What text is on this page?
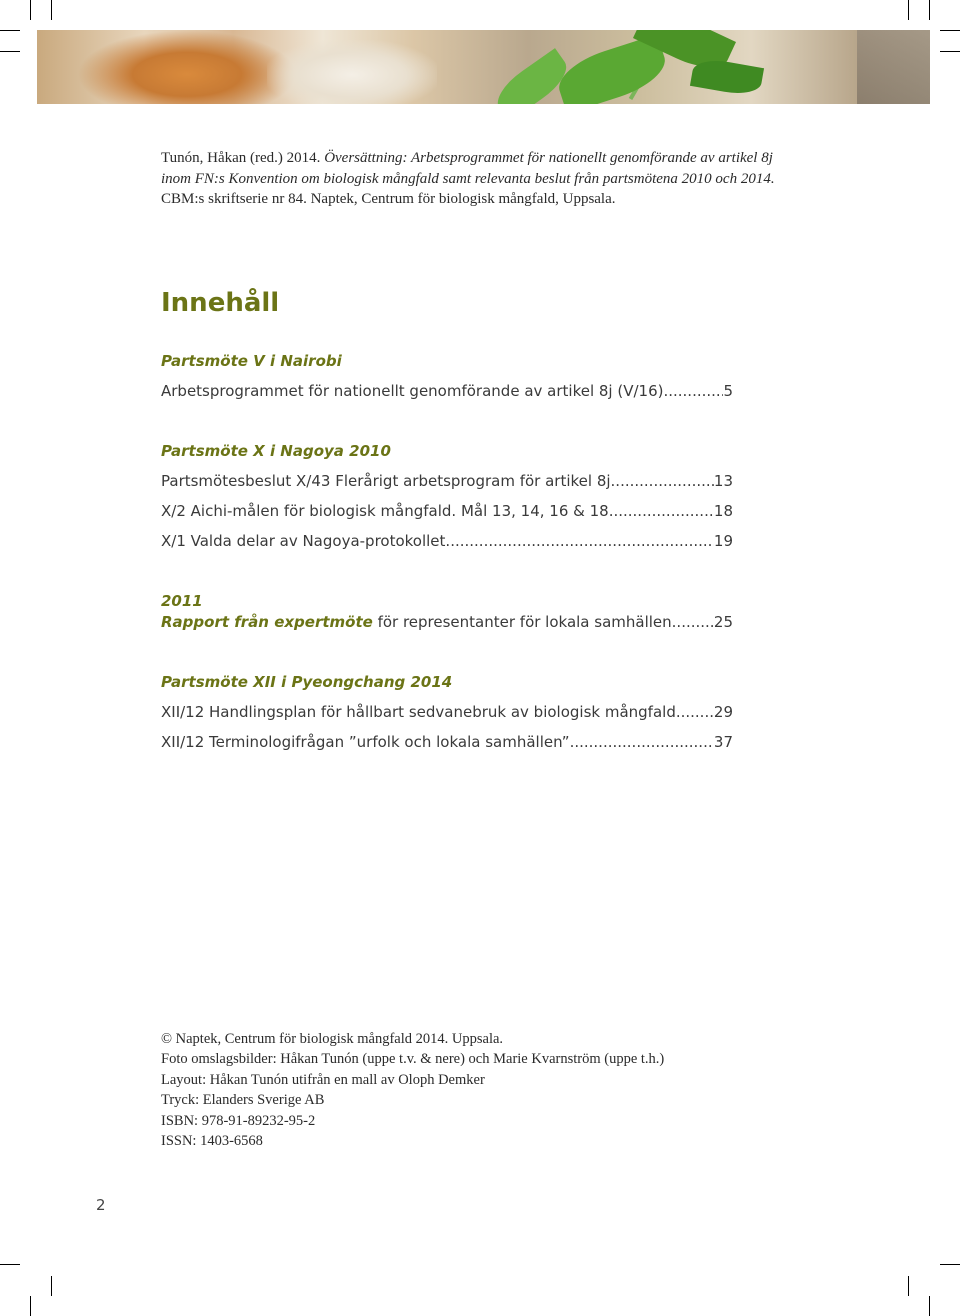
Tunón, Håkan (red.) 2014. Översättning: Arbetsprogrammet för nationellt genomförande av artikel 8j inom FN:s Konvention om biologisk mångfald samt relevanta beslut från partsmötena 2010 och 2014. CBM:s skriftserie nr 84. Naptek, Centrum för biologisk mångfald, Uppsala.
Innehåll
Partsmöte V i Nairobi
Arbetsprogrammet för nationellt genomförande av artikel 8j (V/16) .....	5
Partsmöte X i Nagoya 2010
Partsmötesbeslut X/43 Flerårigt arbetsprogram för artikel 8j .....	13
X/2 Aichi-målen för biologisk mångfald. Mål 13, 14, 16 & 18 .....	18
X/1 Valda delar av Nagoya-protokollet .....	19
2011
Rapport från expertmöte för representanter för lokala samhällen .....	25
Partsmöte XII i Pyeongchang 2014
XII/12 Handlingsplan för hållbart sedvanebruk av biologisk mångfald .....	29
XII/12 Terminologifrågan ”urfolk och lokala samhällen” .....	37
© Naptek, Centrum för biologisk mångfald 2014. Uppsala.
Foto omslagsbilder: Håkan Tunón (uppe t.v. & nere) och Marie Kvarnström (uppe t.h.)
Layout: Håkan Tunón utifrån en mall av Oloph Demker
Tryck: Elanders Sverige AB
ISBN: 978-91-89232-95-2
ISSN: 1403-6568
2
